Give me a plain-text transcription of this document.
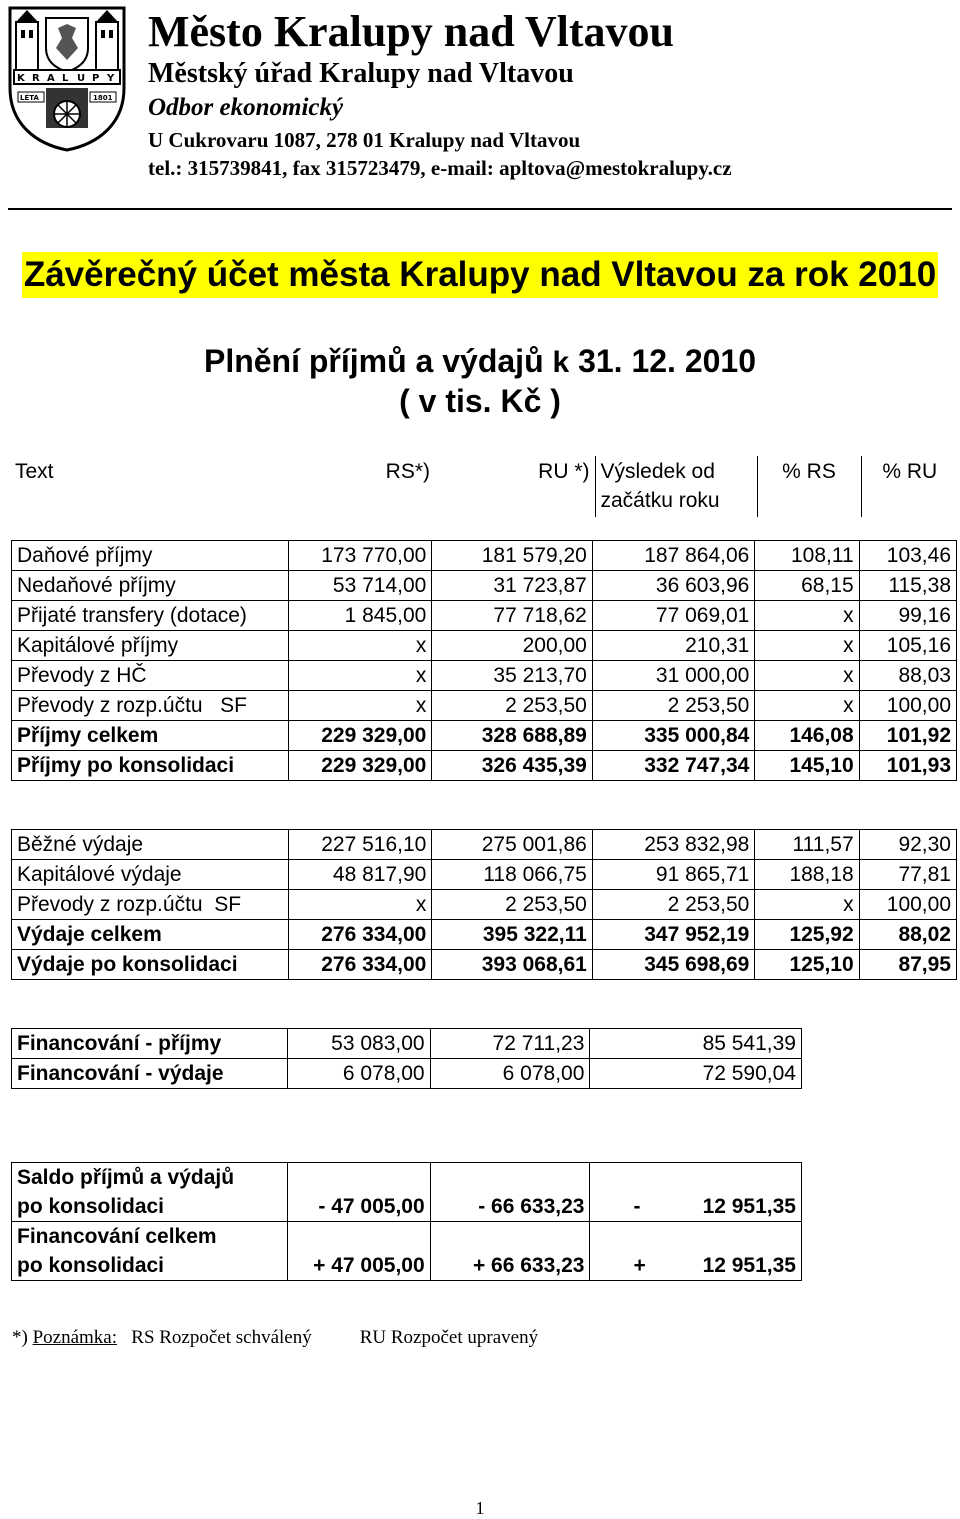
K R A L U P Y
LÉTA	1801
Město Kralupy nad Vltavou
Městský úřad Kralupy nad Vltavou
Odbor ekonomický
U Cukrovaru 1087, 278 01 Kralupy nad Vltavou
tel.: 315739841, fax 315723479, e-mail: apltova@mestokralupy.cz
Závěrečný účet města Kralupy nad Vltavou za rok 2010
Plnění příjmů a výdajů k 31. 12. 2010
( v tis. Kč )
Text	RS*)	RU *)	Výsledek od
začátku roku	% RS	% RU
Daňové příjmy	173 770,00	181 579,20	187 864,06	108,11	103,46
Nedaňové příjmy	53 714,00	31 723,87	36 603,96	68,15	115,38
Přijaté transfery (dotace)	1 845,00	77 718,62	77 069,01	x	99,16
Kapitálové příjmy	x	200,00	210,31	x	105,16
Převody z HČ	x	35 213,70	31 000,00	x	88,03
Převody z rozp.účtu   SF	x	2 253,50	2 253,50	x	100,00
Příjmy celkem	229 329,00	328 688,89	335 000,84	146,08	101,92
Příjmy po konsolidaci	229 329,00	326 435,39	332 747,34	145,10	101,93
Běžné výdaje	227 516,10	275 001,86	253 832,98	111,57	92,30
Kapitálové výdaje	48 817,90	118 066,75	91 865,71	188,18	77,81
Převody z rozp.účtu  SF	x	2 253,50	2 253,50	x	100,00
Výdaje celkem	276 334,00	395 322,11	347 952,19	125,92	88,02
Výdaje po konsolidaci	276 334,00	393 068,61	345 698,69	125,10	87,95
Financování - příjmy	53 083,00	72 711,23	85 541,39
Financování - výdaje	6 078,00	6 078,00	72 590,04
Saldo příjmů a výdajů			
po konsolidaci	- 47 005,00	- 66 633,23	- 12 951,35

Financování celkem			
po konsolidaci	+ 47 005,00	+ 66 633,23	+ 12 951,35
*) Poznámka: RS Rozpočet schválený	RU Rozpočet upravený
1
